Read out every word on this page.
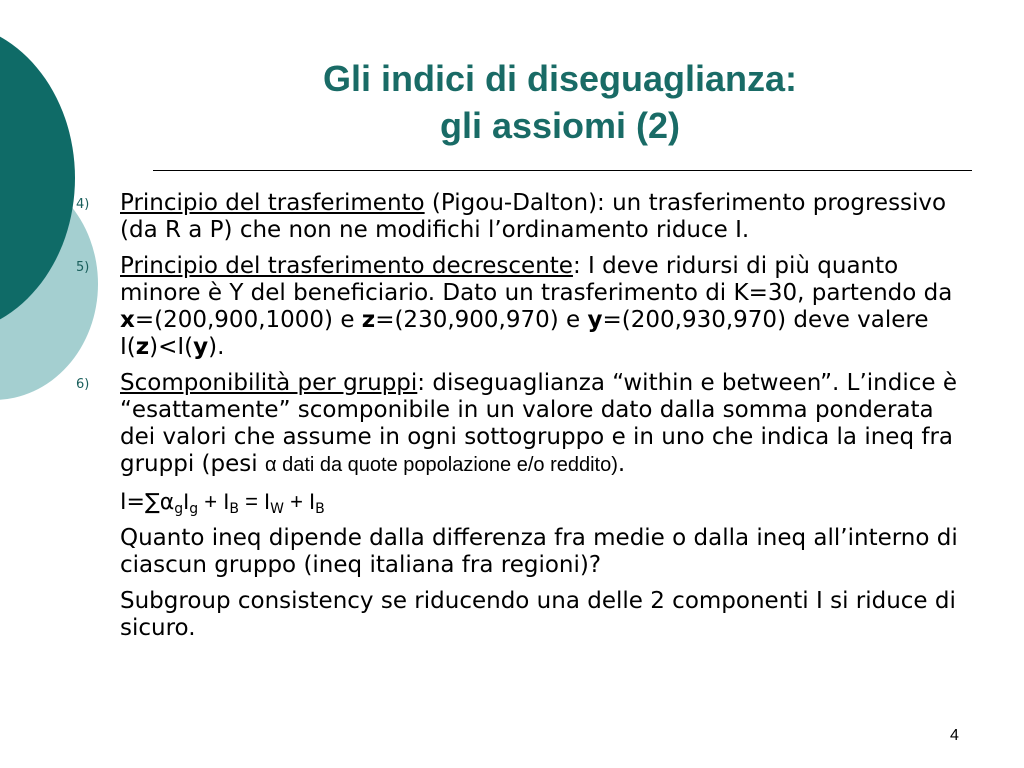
Gli indici di diseguaglianza:
gli assiomi (2)
4) Principio del trasferimento (Pigou-Dalton): un trasferimento progressivo (da R a P) che non ne modifichi l’ordinamento riduce I.
5) Principio del trasferimento decrescente: I deve ridursi di più quanto minore è Y del beneficiario. Dato un trasferimento di K=30, partendo da x=(200,900,1000) e z=(230,900,970) e y=(200,930,970) deve valere I(z)<I(y).
6) Scomponibilità per gruppi: diseguaglianza “within e between”. L’indice è “esattamente” scomponibile in un valore dato dalla somma ponderata dei valori che assume in ogni sottogruppo e in uno che indica la ineq fra gruppi (pesi α dati da quote popolazione e/o reddito).
$I=\sum\alpha_gI_g + I_B = I_W + I_B$
Quanto ineq dipende dalla differenza fra medie o dalla ineq all’interno di ciascun gruppo (ineq italiana fra regioni)?
Subgroup consistency se riducendo una delle 2 componenti I si riduce di sicuro.
4
